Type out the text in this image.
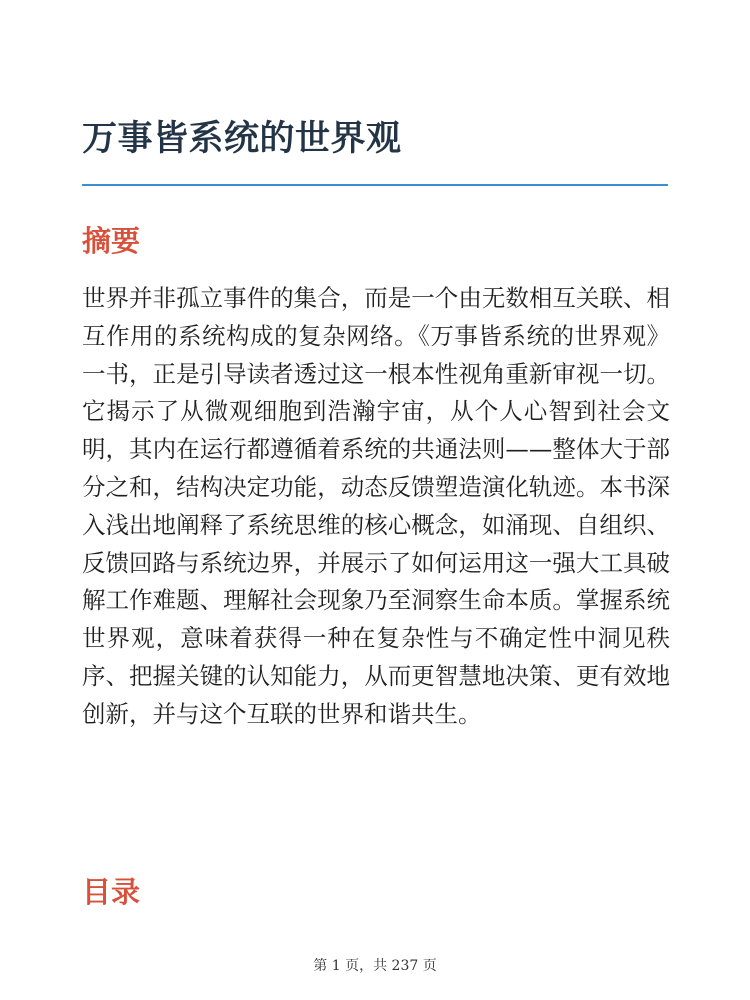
万事皆系统的世界观
摘要

世界并非孤立事件的集合，而是一个由无数相互关联、相互作用的系统构成的复杂网络。《万事皆系统的世界观》一书，正是引导读者透过这一根本性视角重新审视一切。它揭示了从微观细胞到浩瀚宇宙，从个人心智到社会文明，其内在运行都遵循着系统的共通法则——整体大于部分之和，结构决定功能，动态反馈塑造演化轨迹。本书深入浅出地阐释了系统思维的核心概念，如涌现、自组织、反馈回路与系统边界，并展示了如何运用这一强大工具破解工作难题、理解社会现象乃至洞察生命本质。掌握系统世界观，意味着获得一种在复杂性与不确定性中洞见秩序、把握关键的认知能力，从而更智慧地决策、更有效地创新，并与这个互联的世界和谐共生。

目录
第 1 页，共 237 页
